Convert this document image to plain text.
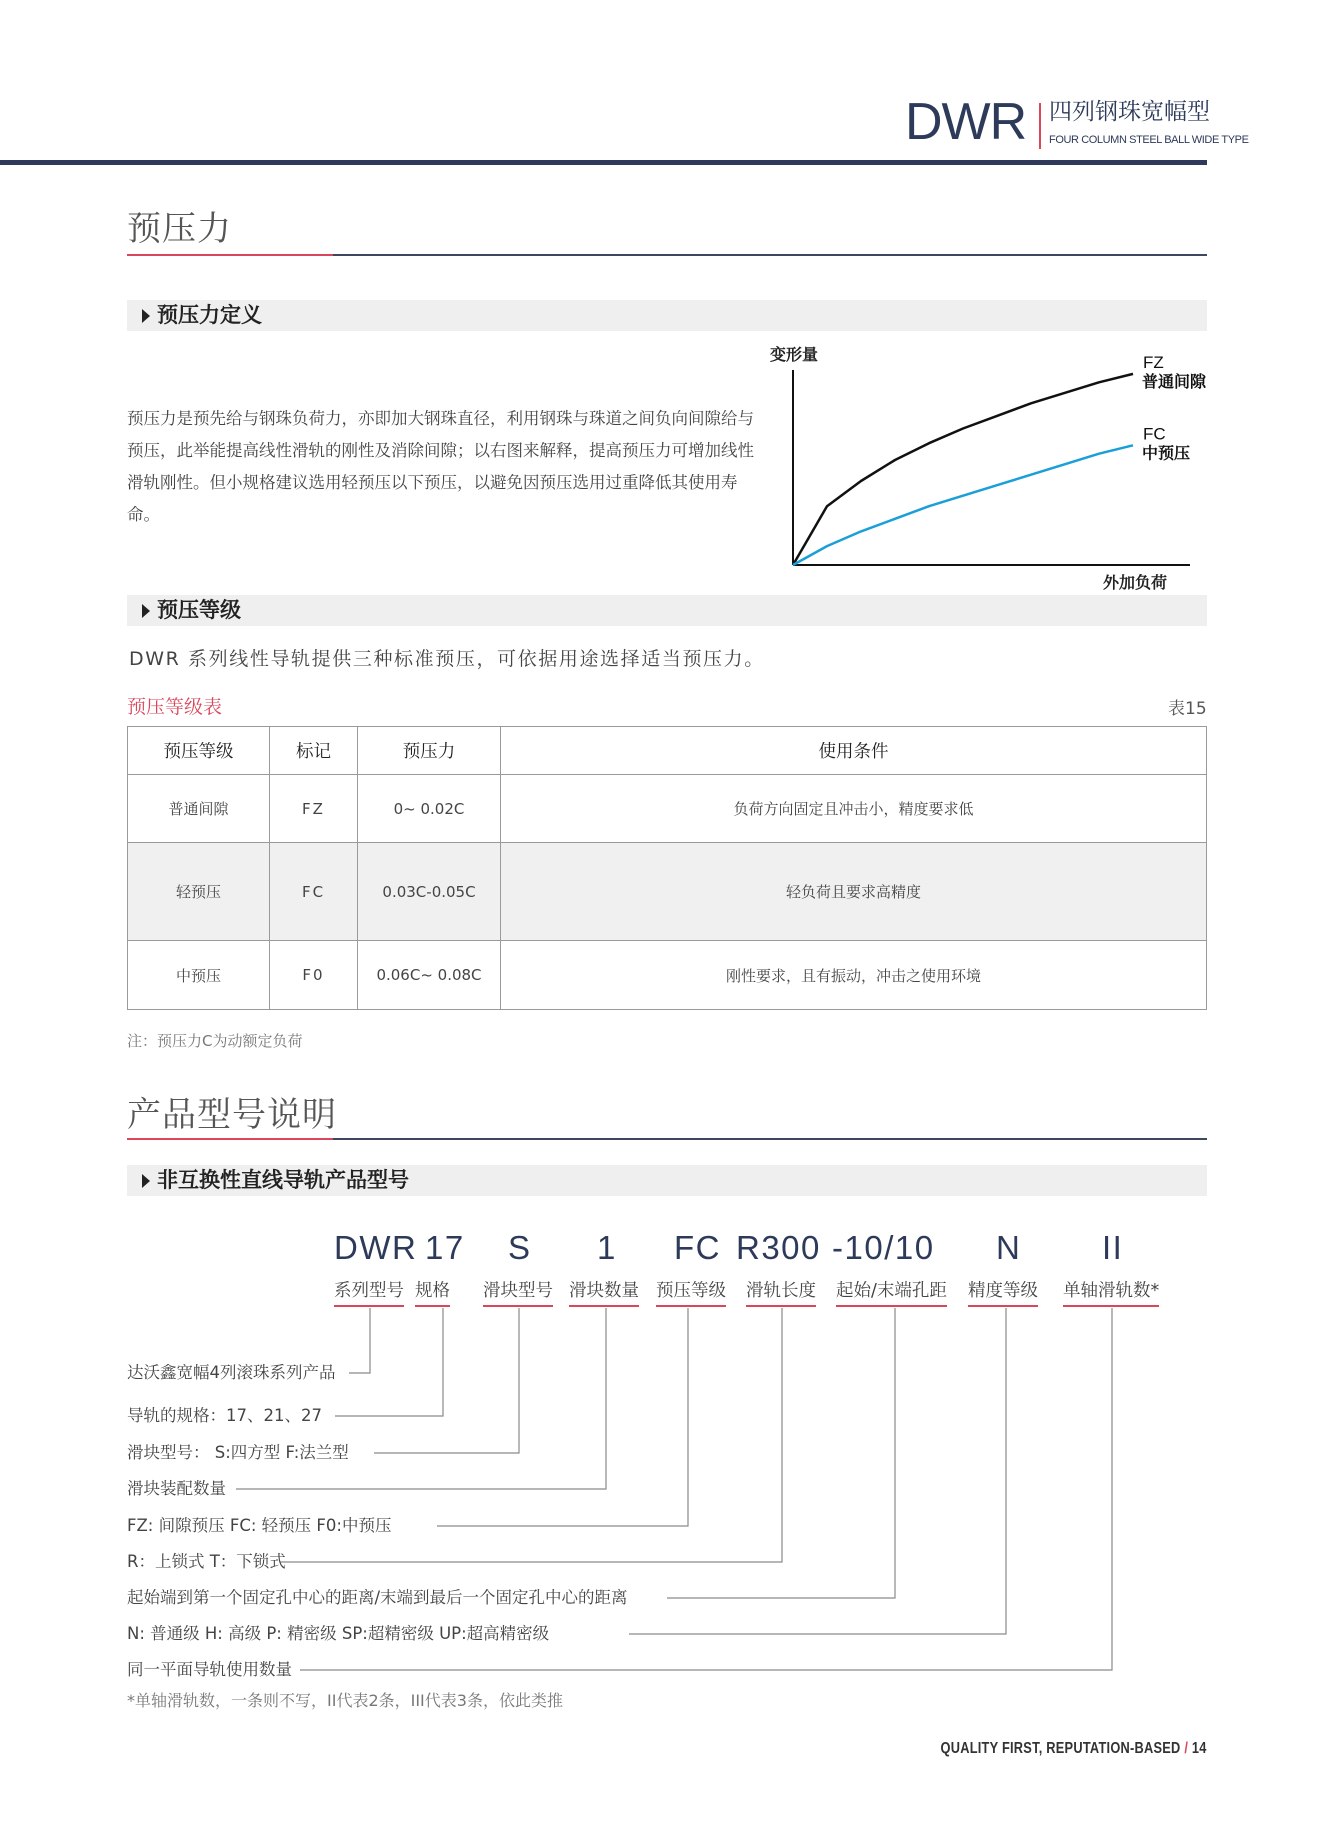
DWR 四列钢珠宽幅型
FOUR COLUMN STEEL BALL WIDE TYPE
预压力
预压力定义
预压力是预先给与钢珠负荷力，亦即加大钢珠直径，利用钢珠与珠道之间负向间隙给与预压，此举能提高线性滑轨的刚性及消除间隙；以右图来解释，提高预压力可增加线性滑轨刚性。但小规格建议选用轻预压以下预压，以避免因预压选用过重降低其使用寿命。
变形量
外加负荷
FZ
普通间隙
FC
中预压
预压等级
DWR 系列线性导轨提供三种标准预压，可依据用途选择适当预压力。
预压等级表	表15
预压等级	标记	预压力	使用条件
普通间隙	FZ	0~ 0.02C	负荷方向固定且冲击小，精度要求低
轻预压	FC	0.03C-0.05C	轻负荷且要求高精度
中预压	F0	0.06C~ 0.08C	刚性要求，且有振动，冲击之使用环境
注：预压力C为动额定负荷
产品型号说明
非互换性直线导轨产品型号
DWR 17 S 1 FC R300 -10/10 N II
系列型号 规格 滑块型号 滑块数量 预压等级 滑轨长度 起始/末端孔距 精度等级 单轴滑轨数*
达沃鑫宽幅4列滚珠系列产品
导轨的规格：17、21、27
滑块型号： S:四方型 F:法兰型
滑块装配数量
FZ: 间隙预压 FC: 轻预压 F0:中预压
R：上锁式 T：下锁式
起始端到第一个固定孔中心的距离/末端到最后一个固定孔中心的距离
N: 普通级 H: 高级 P: 精密级 SP:超精密级 UP:超高精密级
同一平面导轨使用数量
*单轴滑轨数，一条则不写，II代表2条，III代表3条，依此类推
QUALITY FIRST, REPUTATION-BASED / 14
